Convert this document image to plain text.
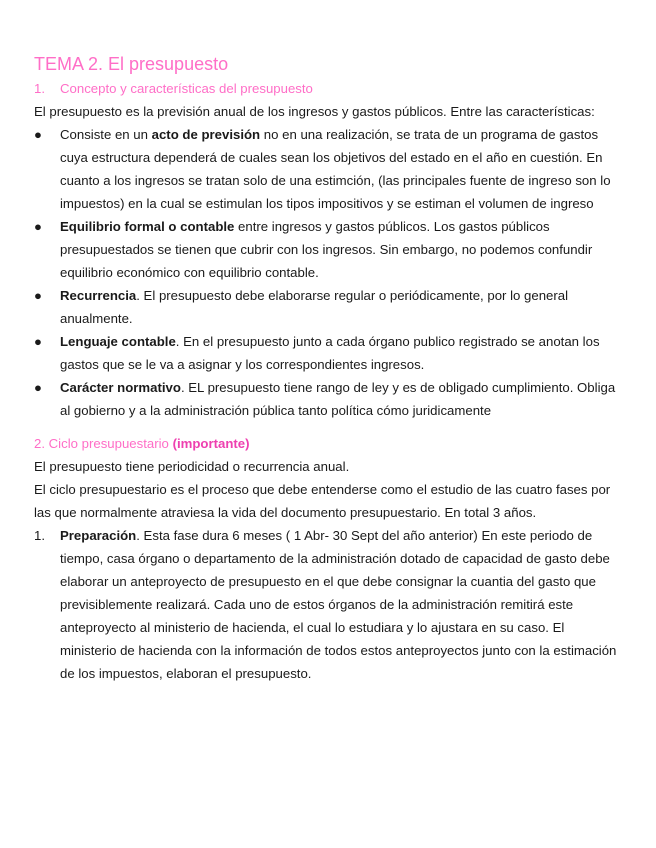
TEMA 2. El presupuesto
1. Concepto y características del presupuesto

El presupuesto es la previsión anual de los ingresos y gastos públicos. Entre las características:

● Consiste en un acto de previsión no en una realización, se trata de un programa de gastos cuya estructura dependerá de cuales sean los objetivos del estado en el año en cuestión. En cuanto a los ingresos se tratan solo de una estimción, (las principales fuente de ingreso son lo impuestos) en la cual se estimulan los tipos impositivos y se estiman el volumen de ingreso
● Equilibrio formal o contable entre ingresos y gastos públicos. Los gastos públicos presupuestados se tienen que cubrir con los ingresos. Sin embargo, no podemos confundir equilibrio económico con equilibrio contable.
● Recurrencia. El presupuesto debe elaborarse regular o periódicamente, por lo general anualmente.
● Lenguaje contable. En el presupuesto junto a cada órgano publico registrado se anotan los gastos que se le va a asignar y los correspondientes ingresos.
● Carácter normativo. EL presupuesto tiene rango de ley y es de obligado cumplimiento. Obliga al gobierno y a la administración pública tanto política cómo juridicamente
2. Ciclo presupuestario (importante)

El presupuesto tiene periodicidad o recurrencia anual.

El ciclo presupuestario es el proceso que debe entenderse como el estudio de las cuatro fases por las que normalmente atraviesa la vida del documento presupuestario. En total 3 años.

1. Preparación. Esta fase dura 6 meses ( 1 Abr- 30 Sept del año anterior) En este periodo de tiempo, casa órgano o departamento de la administración dotado de capacidad de gasto debe elaborar un anteproyecto de presupuesto en el que debe consignar la cuantia del gasto que previsiblemente realizará. Cada uno de estos órganos de la administración remitirá este anteproyecto al ministerio de hacienda, el cual lo estudiara y lo ajustara en su caso. El ministerio de hacienda con la información de todos estos anteproyectos junto con la estimación de los impuestos, elaboran el presupuesto.
